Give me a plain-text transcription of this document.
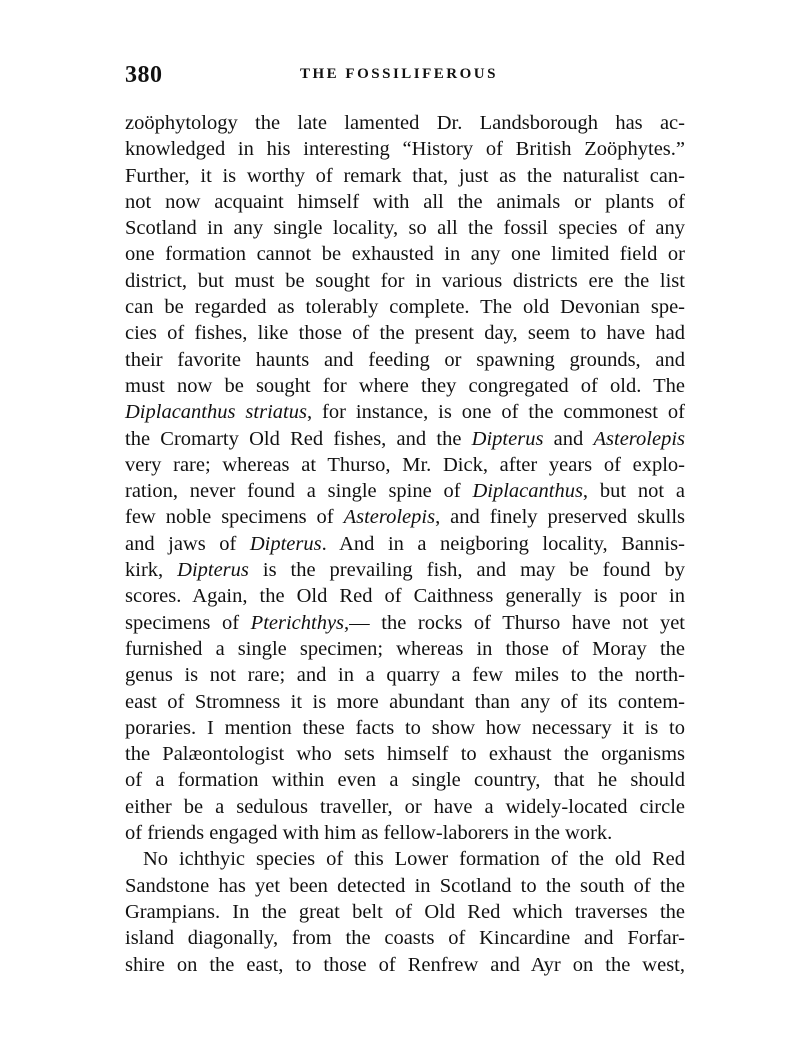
380	THE FOSSILIFEROUS
zoöphytology the late lamented Dr. Landsborough has ac-
knowledged in his interesting “History of British Zoöphytes.”
Further, it is worthy of remark that, just as the naturalist can-
not now acquaint himself with all the animals or plants of
Scotland in any single locality, so all the fossil species of any
one formation cannot be exhausted in any one limited field or
district, but must be sought for in various districts ere the list
can be regarded as tolerably complete. The old Devonian spe-
cies of fishes, like those of the present day, seem to have had
their favorite haunts and feeding or spawning grounds, and
must now be sought for where they congregated of old. The
Diplacanthus striatus, for instance, is one of the commonest of
the Cromarty Old Red fishes, and the Dipterus and Asterolepis
very rare; whereas at Thurso, Mr. Dick, after years of explo-
ration, never found a single spine of Diplacanthus, but not a
few noble specimens of Asterolepis, and finely preserved skulls
and jaws of Dipterus. And in a neigboring locality, Bannis-
kirk, Dipterus is the prevailing fish, and may be found by
scores. Again, the Old Red of Caithness generally is poor in
specimens of Pterichthys,— the rocks of Thurso have not yet
furnished a single specimen; whereas in those of Moray the
genus is not rare; and in a quarry a few miles to the north-
east of Stromness it is more abundant than any of its contem-
poraries. I mention these facts to show how necessary it is to
the Palæontologist who sets himself to exhaust the organisms
of a formation within even a single country, that he should
either be a sedulous traveller, or have a widely-located circle
of friends engaged with him as fellow-laborers in the work.
No ichthyic species of this Lower formation of the old Red
Sandstone has yet been detected in Scotland to the south of the
Grampians. In the great belt of Old Red which traverses the
island diagonally, from the coasts of Kincardine and Forfar-
shire on the east, to those of Renfrew and Ayr on the west,
